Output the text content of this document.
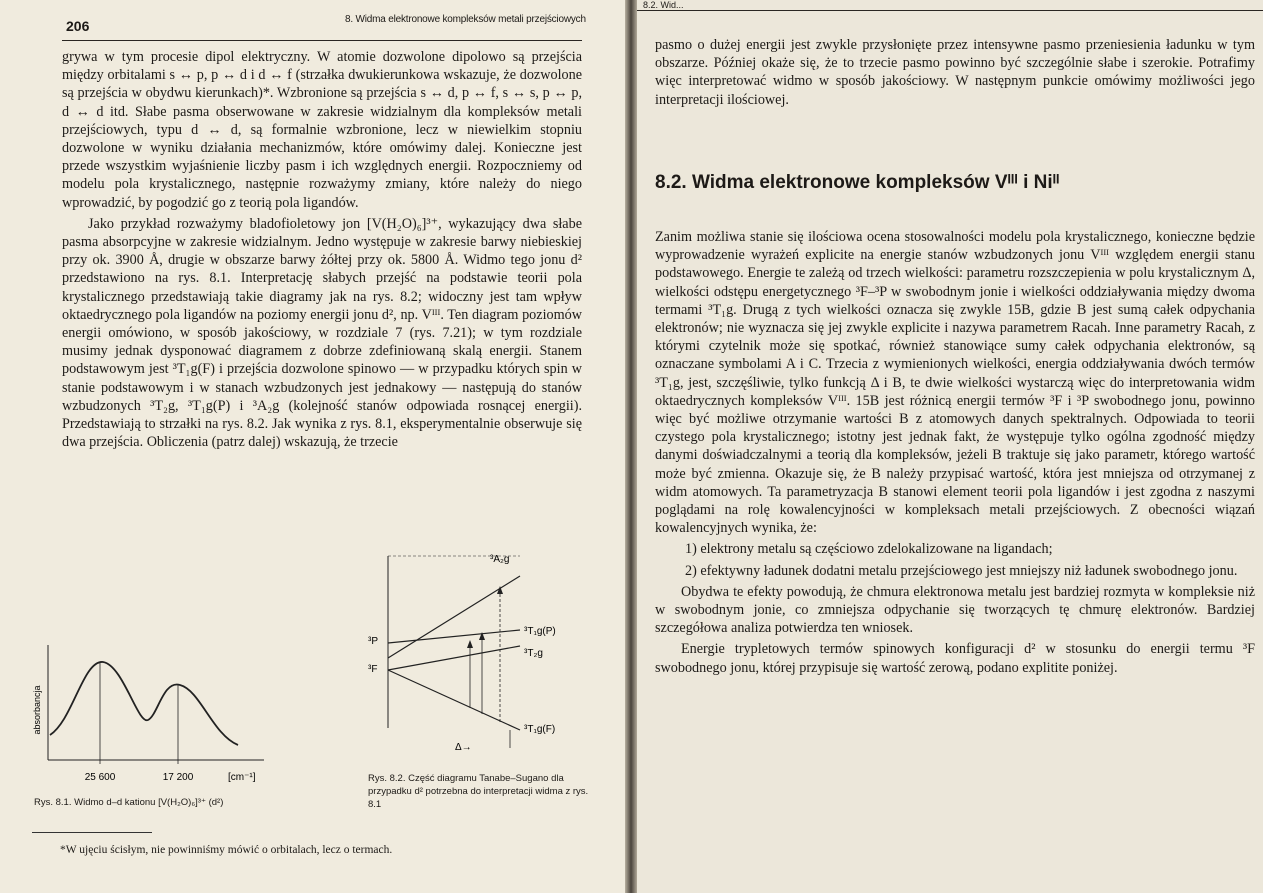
206	8. Widma elektronowe kompleksów metali przejściowych

grywa w tym procesie dipol elektryczny. W atomie dozwolone dipolowo są przejścia między orbitalami s ↔ p, p ↔ d i d ↔ f (strzałka dwukierunkowa wskazuje, że dozwolone są przejścia w obydwu kierunkach)*. Wzbronione są przejścia s ↔ d, p ↔ f, s ↔ s, p ↔ p, d ↔ d itd. Słabe pasma obserwowane w zakresie widzialnym dla kompleksów metali przejściowych, typu d ↔ d, są formalnie wzbronione, lecz w niewielkim stopniu dozwolone w wyniku działania mechanizmów, które omówimy dalej. Konieczne jest przede wszystkim wyjaśnienie liczby pasm i ich względnych energii. Rozpoczniemy od modelu pola krystalicznego, następnie rozważymy zmiany, które należy do niego wprowadzić, by pogodzić go z teorią pola ligandów.

Jako przykład rozważymy bladofioletowy jon [V(H₂O)₆]³⁺, wykazujący dwa słabe pasma absorpcyjne w zakresie widzialnym. Jedno występuje w zakresie barwy niebieskiej przy ok. 3900 Å, drugie w obszarze barwy żółtej przy ok. 5800 Å. Widmo tego jonu d² przedstawiono na rys. 8.1. Interpretację słabych przejść na podstawie teorii pola krystalicznego przedstawiają takie diagramy jak na rys. 8.2; widoczny jest tam wpływ oktaedrycznego pola ligandów na poziomy energii jonu d², np. Vᴵᴵᴵ. Ten diagram poziomów energii omówiono, w sposób jakościowy, w rozdziale 7 (rys. 7.21); w tym rozdziale musimy jednak dysponować diagramem z dobrze zdefiniowaną skalą energii. Stanem podstawowym jest ³T₁g(F) i przejścia dozwolone spinowo — w przypadku których spin w stanie podstawowym i w stanach wzbudzonych jest jednakowy — następują do stanów wzbudzonych ³T₂g, ³T₁g(P) i ³A₂g (kolejność stanów odpowiada rosnącej energii). Przedstawiają to strzałki na rys. 8.2. Jak wynika z rys. 8.1, eksperymentalnie obserwuje się dwa przejścia. Obliczenia (patrz dalej) wskazują, że trzecie

absorbancja
25 600	17 200	[cm⁻¹]
Rys. 8.1. Widmo d–d kationu [V(H₂O)₆]³⁺ (d²)
³A₂g
³T₁g(P)
³T₂g
³T₁g(F)
³P
³F
Δ→
Rys. 8.2. Część diagramu Tanabe–Sugano dla przypadku d² potrzebna do interpretacji widma z rys. 8.1
*W ujęciu ścisłym, nie powinniśmy mówić o orbitalach, lecz o termach.
8.2. Wid...

pasmo o dużej energii jest zwykle przysłonięte przez intensywne pasmo przeniesienia ładunku w tym obszarze. Później okaże się, że to trzecie pasmo powinno być szczególnie słabe i szerokie. Potrafimy więc interpretować widmo w sposób jakościowy. W następnym punkcie omówimy możliwości jego interpretacji ilościowej.

8.2. Widma elektronowe kompleksów Vᴵᴵᴵ i Niᴵᴵ

Zanim możliwa stanie się ilościowa ocena stosowalności modelu pola krystalicznego, konieczne będzie wyprowadzenie wyrażeń explicite na energie stanów wzbudzonych jonu Vᴵᴵᴵ względem energii stanu podstawowego. Energie te zależą od trzech wielkości: parametru rozszczepienia w polu krystalicznym Δ, wielkości odstępu energetycznego ³F–³P w swobodnym jonie i wielkości oddziaływania między dwoma termami ³T₁g. Drugą z tych wielkości oznacza się zwykle 15B, gdzie B jest sumą całek odpychania elektronów; nie wyznacza się jej zwykle explicite i nazywa parametrem Racah. Inne parametry Racah, z którymi czytelnik może się spotkać, również stanowiące sumy całek odpychania elektronów, są oznaczane symbolami A i C. Trzecia z wymienionych wielkości, energia oddziaływania dwóch termów ³T₁g, jest, szczęśliwie, tylko funkcją Δ i B, te dwie wielkości wystarczą więc do interpretowania widm oktaedrycznych kompleksów Vᴵᴵᴵ. 15B jest różnicą energii termów ³F i ³P swobodnego jonu, powinno więc być możliwe otrzymanie wartości B z atomowych danych spektralnych. Odpowiada to teorii czystego pola krystalicznego; istotny jest jednak fakt, że występuje tylko ogólna zgodność między danymi doświadczalnymi a teorią dla kompleksów, jeżeli B traktuje się jako parametr, którego wartość może być zmienna. Okazuje się, że B należy przypisać wartość, która jest mniejsza od otrzymanej z widm atomowych. Ta parametryzacja B stanowi element teorii pola ligandów i jest zgodna z naszymi poglądami na rolę kowalencyjności w kompleksach metali przejściowych. Z obecności wiązań kowalencyjnych wynika, że:

1) elektrony metalu są częściowo zdelokalizowane na ligandach;

2) efektywny ładunek dodatni metalu przejściowego jest mniejszy niż ładunek swobodnego jonu.

Obydwa te efekty powodują, że chmura elektronowa metalu jest bardziej rozmyta w kompleksie niż w swobodnym jonie, co zmniejsza odpychanie się tworzących tę chmurę elektronów. Bardziej szczegółowa analiza potwierdza ten wniosek.

Energie trypletowych termów spinowych konfiguracji d² w stosunku do energii termu ³F swobodnego jonu, której przypisuje się wartość zerową, podano explitite poniżej.
